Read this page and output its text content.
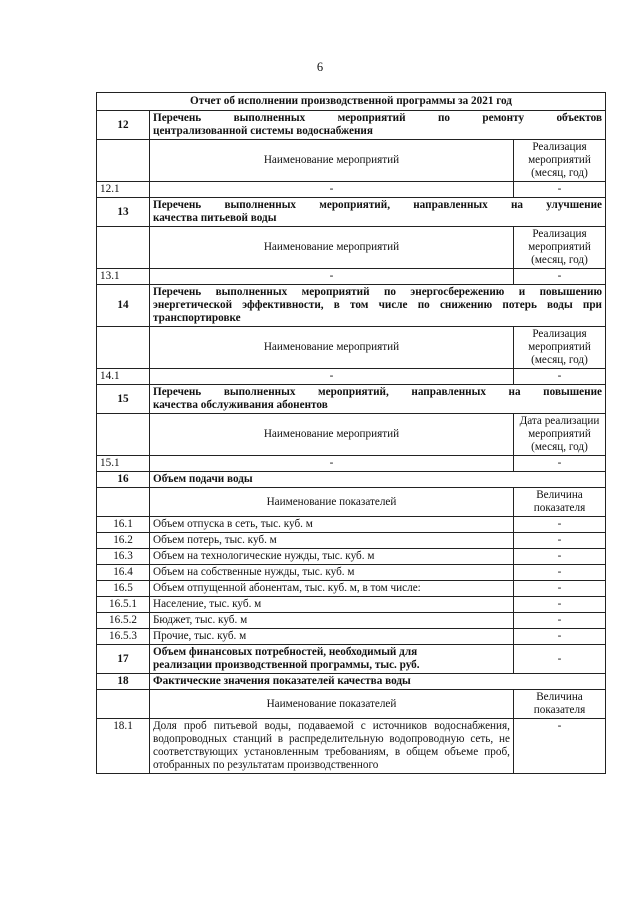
6
Отчет об исполнении производственной программы за 2021 год		
12	Перечень выполненных мероприятий по ремонту объектов
централизованной системы водоснабжения	

	Наименование мероприятий	Реализация мероприятий (месяц, год)
12.1	-	-
13	Перечень выполненных мероприятий, направленных на улучшение
качества питьевой воды	

	Наименование мероприятий	Реализация мероприятий (месяц, год)
13.1	-	-
14	Перечень выполненных мероприятий по энергосбережению и повышению
энергетической эффективности, в том числе по снижению потерь воды при
транспортировке	

	Наименование мероприятий	Реализация мероприятий (месяц, год)
14.1	-	-
15	Перечень выполненных мероприятий, направленных на повышение
качества обслуживания абонентов	

	Наименование мероприятий	Дата реализации мероприятий (месяц, год)
15.1	-	-
16	Объем подачи воды	
	Наименование показателей	Величина показателя
16.1	Объем отпуска в сеть, тыс. куб. м	-
16.2	Объем потерь, тыс. куб. м	-
16.3	Объем на технологические нужды, тыс. куб. м	-
16.4	Объем на собственные нужды, тыс. куб. м	-
16.5	Объем отпущенной абонентам, тыс. куб. м, в том числе:	-
16.5.1	Население, тыс. куб. м	-
16.5.2	Бюджет, тыс. куб. м	-
16.5.3	Прочие, тыс. куб. м	-
17	Объем финансовых потребностей, необходимый для
реализации производственной программы, тыс. руб.	-
18	Фактические значения показателей качества воды	
	Наименование показателей	Величина показателя
18.1	Доля проб питьевой воды, подаваемой с источников водоснабжения, водопроводных станций в распределительную водопроводную сеть, не соответствующих установленным требованиям, в общем объеме проб, отобранных по результатам производственного	-
